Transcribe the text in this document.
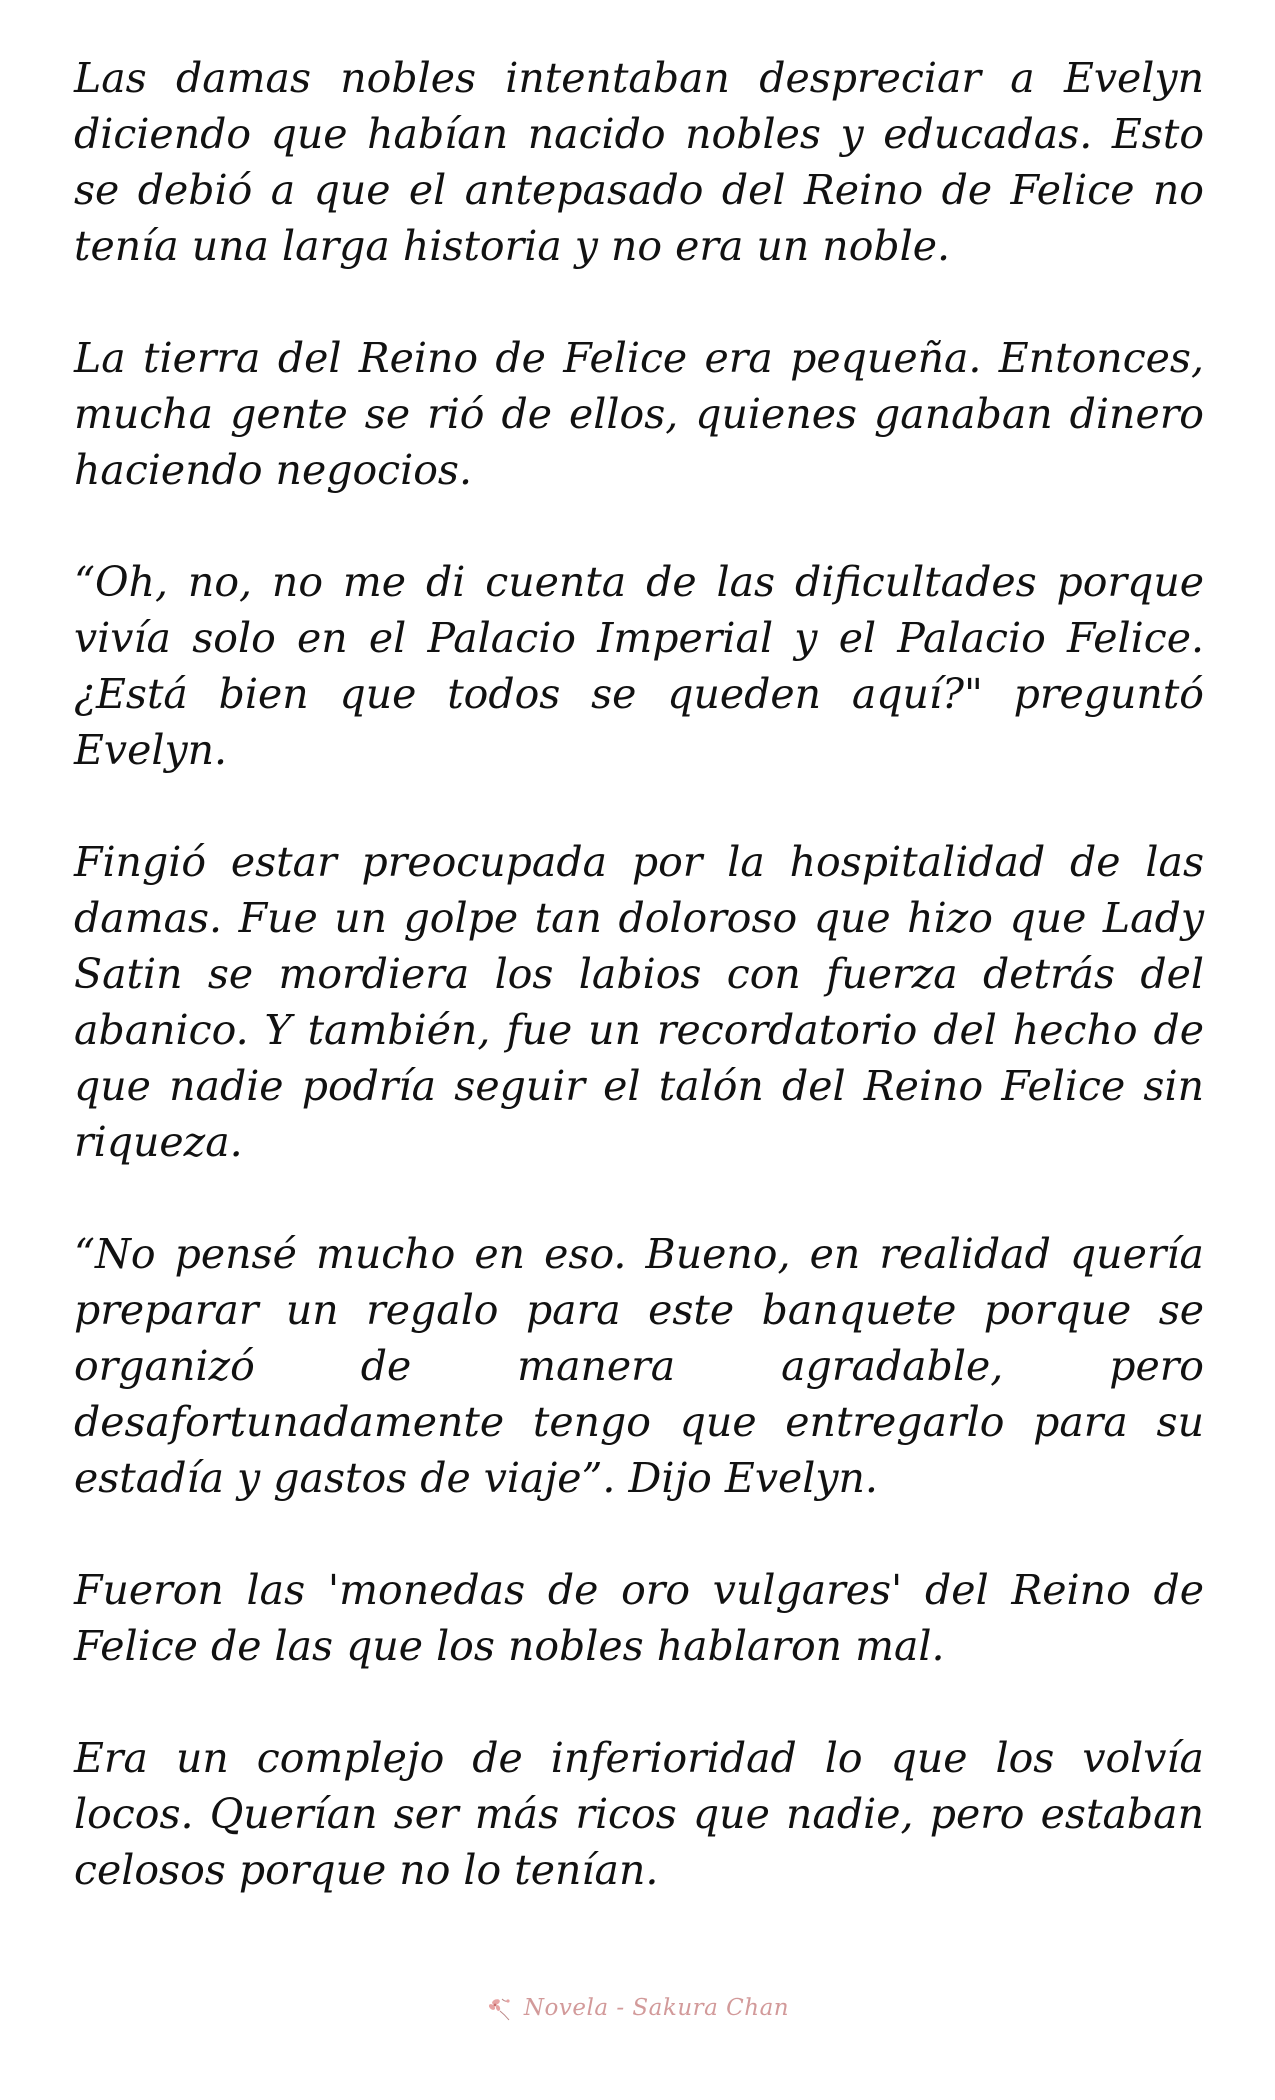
Las damas nobles intentaban despreciar a Evelyn diciendo que habían nacido nobles y educadas. Esto se debió a que el antepasado del Reino de Felice no tenía una larga historia y no era un noble.

La tierra del Reino de Felice era pequeña. Entonces, mucha gente se rió de ellos, quienes ganaban dinero haciendo negocios.

“Oh, no, no me di cuenta de las dificultades porque vivía solo en el Palacio Imperial y el Palacio Felice. ¿Está bien que todos se queden aquí?" preguntó Evelyn.

Fingió estar preocupada por la hospitalidad de las damas. Fue un golpe tan doloroso que hizo que Lady Satin se mordiera los labios con fuerza detrás del abanico. Y también, fue un recordatorio del hecho de que nadie podría seguir el talón del Reino Felice sin riqueza.

“No pensé mucho en eso. Bueno, en realidad quería preparar un regalo para este banquete porque se organizó de manera agradable, pero desafortunadamente tengo que entregarlo para su estadía y gastos de viaje”. Dijo Evelyn.

Fueron las 'monedas de oro vulgares' del Reino de Felice de las que los nobles hablaron mal.

Era un complejo de inferioridad lo que los volvía locos. Querían ser más ricos que nadie, pero estaban celosos porque no lo tenían.

Novela - Sakura Chan
